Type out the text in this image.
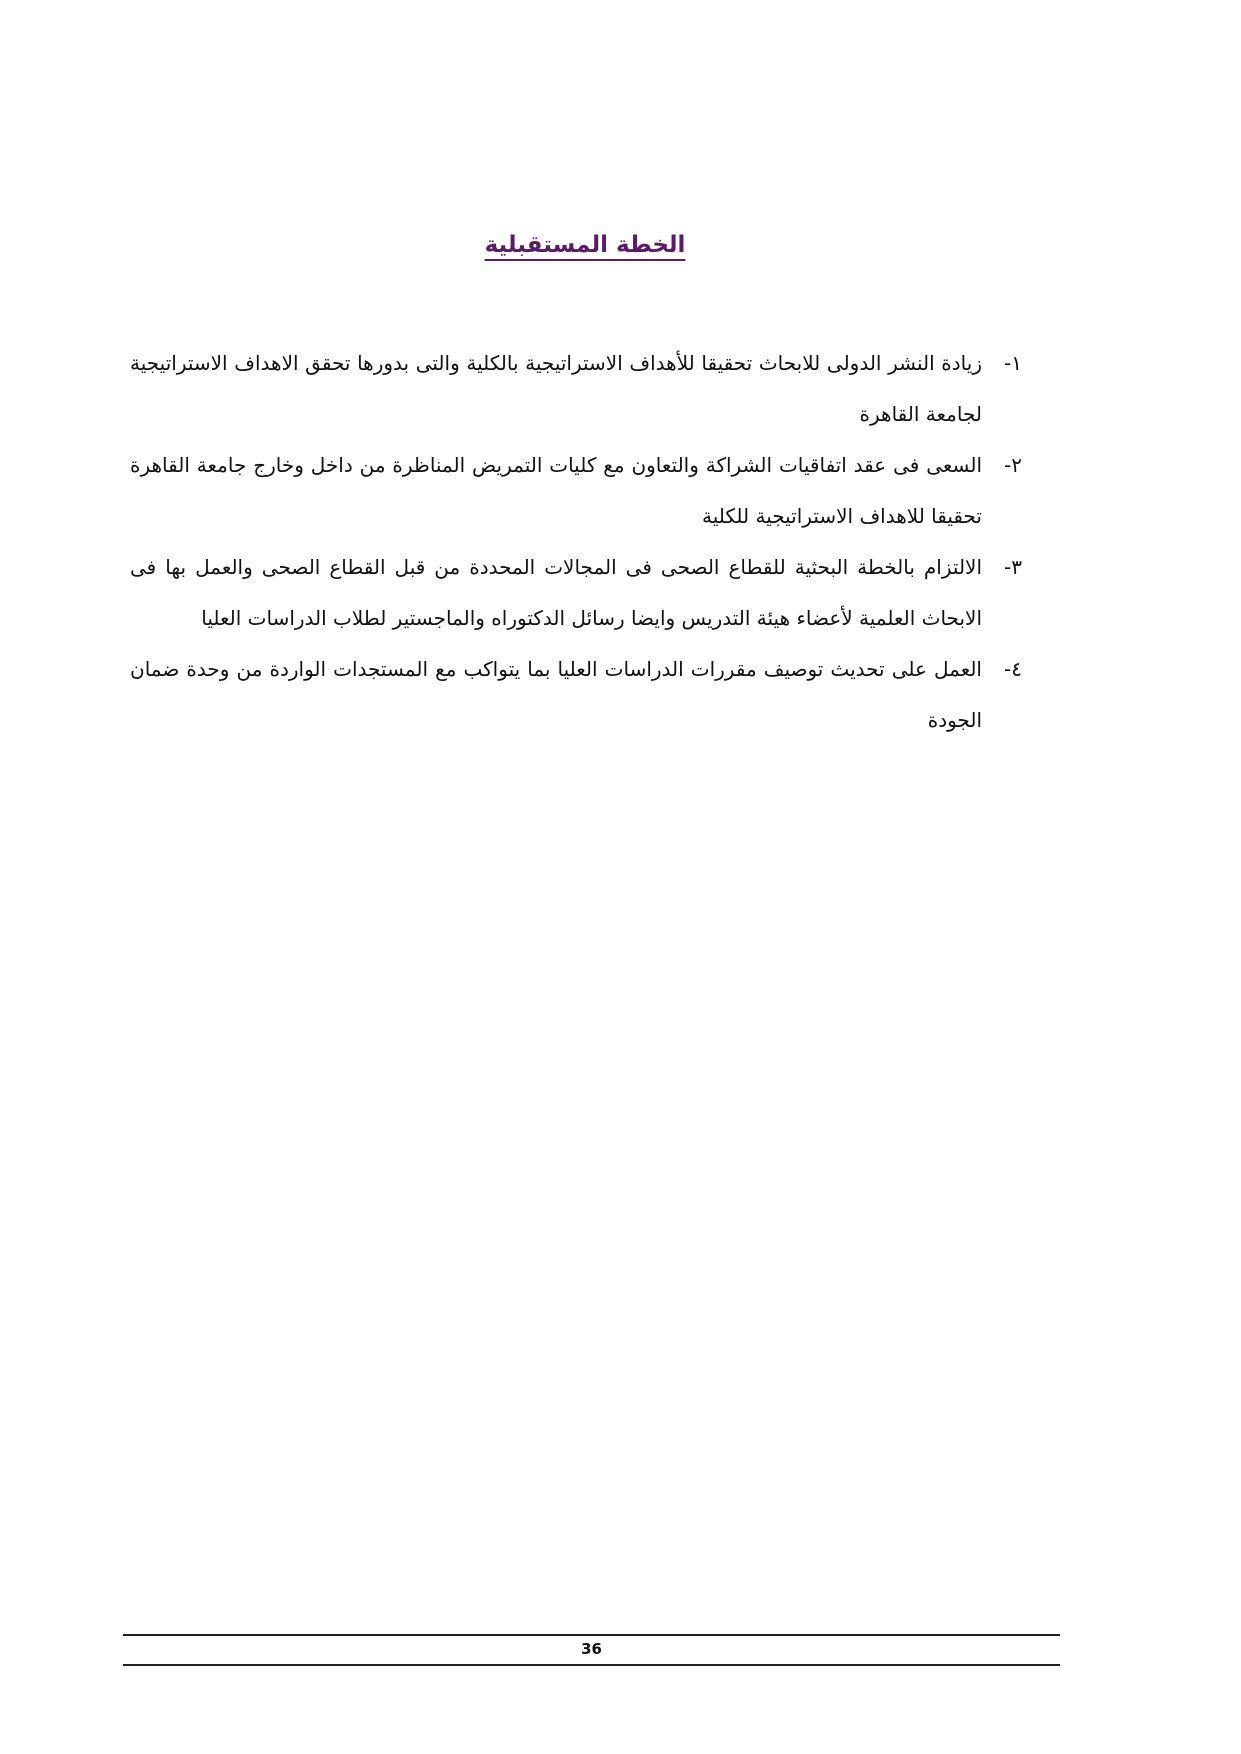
الخطة المستقبلية
١-
زيادة النشر الدولى للابحاث تحقيقا للأهداف الاستراتيجية بالكلية والتى بدورها تحقق الاهداف الاستراتيجية لجامعة القاهرة
٢-
السعى فى عقد اتفاقيات الشراكة والتعاون مع كليات التمريض المناظرة من داخل وخارج جامعة القاهرة تحقيقا للاهداف الاستراتيجية للكلية
٣-
الالتزام بالخطة البحثية للقطاع الصحى فى المجالات المحددة من قبل القطاع الصحى والعمل بها فى الابحاث العلمية لأعضاء هيئة التدريس وايضا رسائل الدكتوراه والماجستير لطلاب الدراسات العليا
٤-
العمل على تحديث توصيف مقررات الدراسات العليا بما يتواكب مع المستجدات الواردة من وحدة ضمان الجودة
36
